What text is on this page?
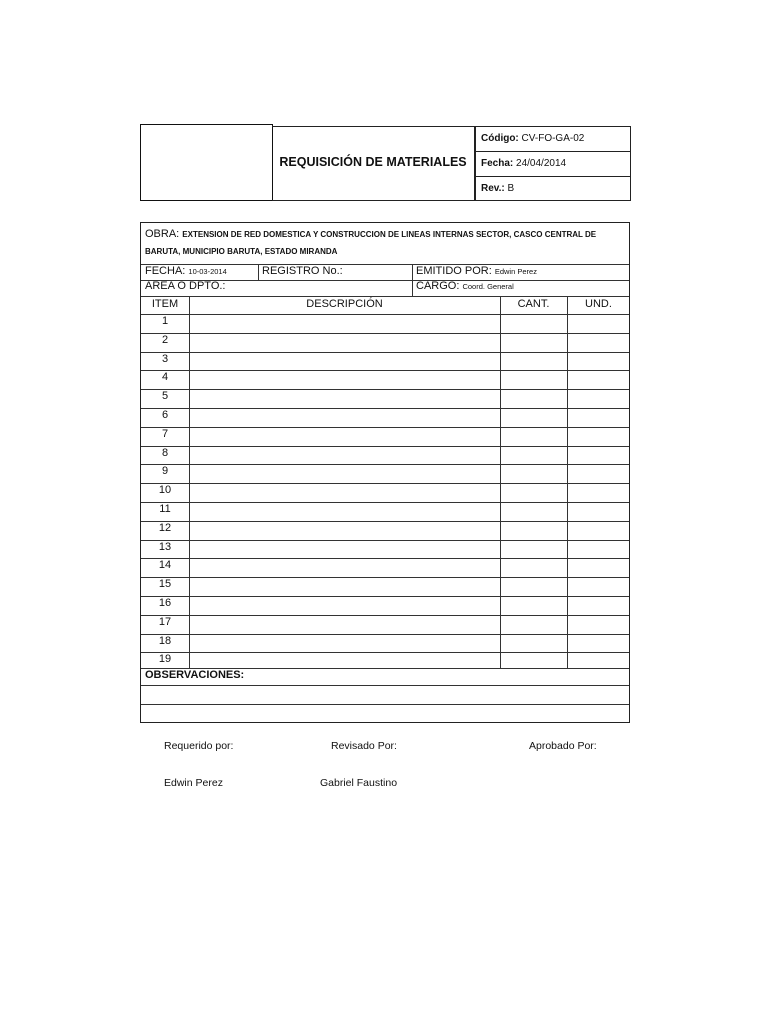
REQUISICIÓN DE MATERIALES
Código: CV-FO-GA-02
Fecha: 24/04/2014
Rev.: B
OBRA: EXTENSION DE RED DOMESTICA Y CONSTRUCCION DE LINEAS INTERNAS SECTOR, CASCO CENTRAL DE
BARUTA, MUNICIPIO BARUTA, ESTADO MIRANDA
FECHA: 10-03-2014	REGISTRO No.:	EMITIDO POR: Edwin Perez
AREA O DPTO.:	CARGO: Coord. General
ITEM	DESCRIPCIÓN	CANT.	UND.
1
2
3
4
5
6
7
8
9
10
11
12
13
14
15
16
17
18
19
OBSERVACIONES:
Requerido por:	Revisado Por:	Aprobado Por:
Edwin Perez	Gabriel Faustino
